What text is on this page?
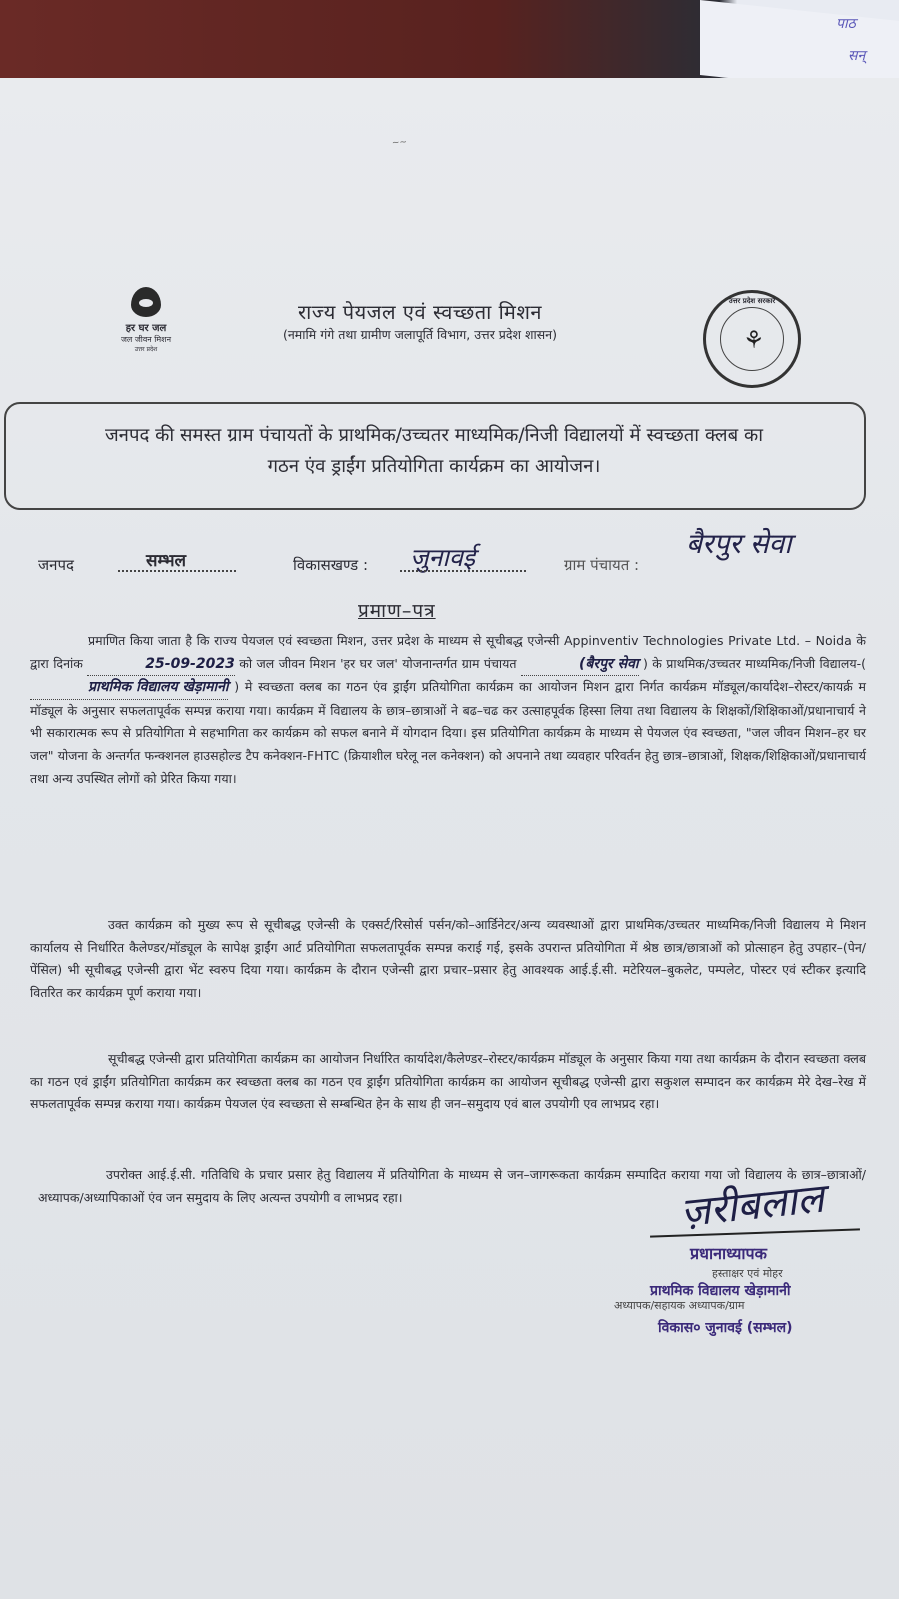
पाठ
सन्
~~
हर घर जल
जल जीवन मिशन
उत्तर प्रदेश
राज्य पेयजल एवं स्वच्छता मिशन
(नमामि गंगे तथा ग्रामीण जलापूर्ति विभाग, उत्तर प्रदेश शासन)
उत्तर प्रदेश सरकार
⚘
जनपद की समस्त ग्राम पंचायतों के प्राथमिक/उच्चतर माध्यमिक/निजी विद्यालयों में स्वच्छता क्लब का
गठन एंव ड्राईंग प्रतियोगिता कार्यक्रम का आयोजन।
जनपद	सम्भल	विकासखण्ड : जुनावई	ग्राम पंचायत :
बैरपुर सेवा
प्रमाण–पत्र
प्रमाणित किया जाता है कि राज्य पेयजल एवं स्वच्छता मिशन, उत्तर प्रदेश के माध्यम से सूचीबद्ध एजेन्सी Appinventiv Technologies Private Ltd. – Noida के द्वारा दिनांक	25-09-2023 को जल जीवन मिशन 'हर घर जल' योजनान्तर्गत ग्राम पंचायत	(बैरपुर सेवा ) के प्राथमिक/उच्चतर माध्यमिक/निजी विद्यालय-( प्राथमिक विद्यालय खेड़ामानी ) मे स्वच्छता क्लब का गठन एंव ड्राईंग प्रतियोगिता कार्यक्रम का आयोजन मिशन द्वारा निर्गत कार्यक्रम मॉड्यूल/कार्यादेश–रोस्टर/कायर्क्र म मॉड्यूल के अनुसार सफलतापूर्वक सम्पन्न कराया गया। कार्यक्रम में विद्यालय के छात्र–छात्राओं ने बढ–चढ कर उत्साहपूर्वक हिस्सा लिया तथा विद्यालय के शिक्षकों/शिक्षिकाओं/प्रधानाचार्य ने भी सकारात्मक रूप से प्रतियोगिता मे सहभागिता कर कार्यक्रम को सफल बनाने में योगदान दिया। इस प्रतियोगिता कार्यक्रम के माध्यम से पेयजल एंव स्वच्छता, "जल जीवन मिशन–हर घर जल" योजना के अन्तर्गत फन्क्शनल हाउसहोल्ड टैप कनेक्शन-FHTC (क्रियाशील घरेलू नल कनेक्शन) को अपनाने तथा व्यवहार परिवर्तन हेतु छात्र–छात्राओं, शिक्षक/शिक्षिकाओं/प्रधानाचार्य तथा अन्य उपस्थित लोगों को प्रेरित किया गया।
उक्त कार्यक्रम को मुख्य रूप से सूचीबद्ध एजेन्सी के एक्सर्ट/रिसोर्स पर्सन/को–आर्डिनेटर/अन्य व्यवस्थाओं द्वारा प्राथमिक/उच्चतर माध्यमिक/निजी विद्यालय मे मिशन कार्यालय से निर्धारित कैलेण्डर/मॉड्यूल के सापेक्ष ड्राईंग आर्ट प्रतियोगिता सफलतापूर्वक सम्पन्न कराई गई, इसके उपरान्त प्रतियोगिता में श्रेष्ठ छात्र/छात्राओं को प्रोत्साहन हेतु उपहार–(पेन/पेंसिल) भी सूचीबद्ध एजेन्सी द्वारा भेंट स्वरुप दिया गया। कार्यक्रम के दौरान एजेन्सी द्वारा प्रचार–प्रसार हेतु आवश्यक आई.ई.सी. मटेरियल–बुकलेट, पम्पलेट, पोस्टर एवं स्टीकर इत्यादि वितरित कर कार्यक्रम पूर्ण कराया गया।
सूचीबद्ध एजेन्सी द्वारा प्रतियोगिता कार्यक्रम का आयोजन निर्धारित कार्यादेश/कैलेण्डर–रोस्टर/कार्यक्रम मॉड्यूल के अनुसार किया गया तथा कार्यक्रम के दौरान स्वच्छता क्लब का गठन एवं ड्राईंग प्रतियोगिता कार्यक्रम कर स्वच्छता क्लब का गठन एव ड्राईंग प्रतियोगिता कार्यक्रम का आयोजन सूचीबद्ध एजेन्सी द्वारा सकुशल सम्पादन कर कार्यक्रम मेरे देख–रेख में सफलतापूर्वक सम्पन्न कराया गया। कार्यक्रम पेयजल एंव स्वच्छता से सम्बन्धित हेन के साथ ही जन–समुदाय एवं बाल उपयोगी एव लाभप्रद रहा।
उपरोक्त आई.ई.सी. गतिविधि के प्रचार प्रसार हेतु विद्यालय में प्रतियोगिता के माध्यम से जन–जागरूकता कार्यक्रम सम्पादित कराया गया जो विद्यालय के छात्र–छात्राओं/अध्यापक/अध्यापिकाओं एंव जन समुदाय के लिए अत्यन्त उपयोगी व लाभप्रद रहा।	ज़रीबलाल
प्रधानाध्यापक
हस्ताक्षर एवं मोहर
प्राथमिक विद्यालय खेड़ामानी
अध्यापक/सहायक अध्यापक/ग्राम
विकास० जुनावई (सम्भल)
